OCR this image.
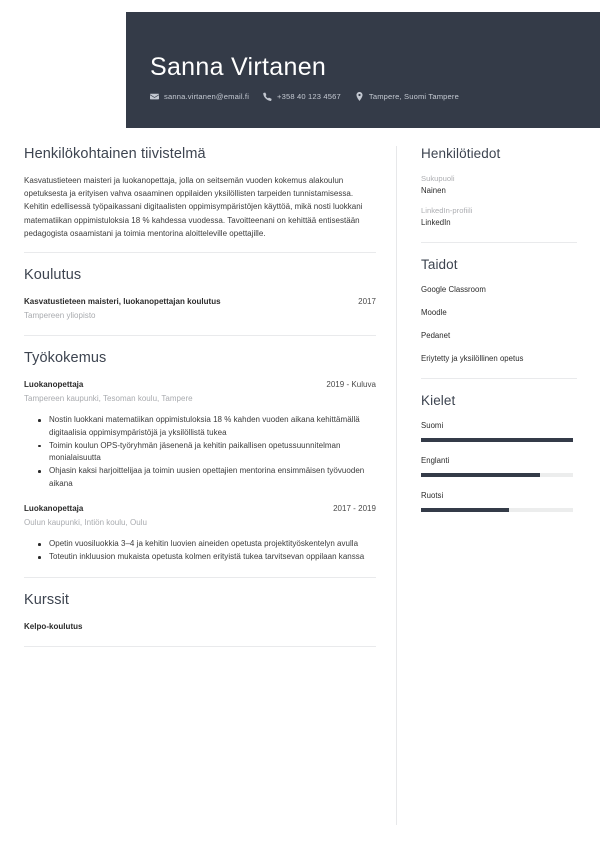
Sanna Virtanen
sanna.virtanen@email.fi	+358 40 123 4567	Tampere, Suomi Tampere
Henkilökohtainen tiivistelmä

Kasvatustieteen maisteri ja luokanopettaja, jolla on seitsemän vuoden kokemus alakoulun opetuksesta ja erityisen vahva osaaminen oppilaiden yksilöllisten tarpeiden tunnistamisessa. Kehitin edellisessä työpaikassani digitaalisten oppimisympäristöjen käyttöä, mikä nosti luokkani matematiikan oppimistuloksia 18 % kahdessa vuodessa. Tavoitteenani on kehittää entisestään pedagogista osaamistani ja toimia mentorina aloitteleville opettajille.

Koulutus
Kasvatustieteen maisteri, luokanopettajan koulutus	2017
Tampereen yliopisto
Työkokemus
Luokanopettaja	2019 - Kuluva
Tampereen kaupunki, Tesoman koulu, Tampere
Nostin luokkani matematiikan oppimistuloksia 18 % kahden vuoden aikana kehittämällä digitaalisia oppimisympäristöjä ja yksilöllistä tukea
Toimin koulun OPS-työryhmän jäsenenä ja kehitin paikallisen opetussuunnitelman monialaisuutta
Ohjasin kaksi harjoittelijaa ja toimin uusien opettajien mentorina ensimmäisen työvuoden aikana
Luokanopettaja	2017 - 2019
Oulun kaupunki, Intiön koulu, Oulu
Opetin vuosiluokkia 3–4 ja kehitin luovien aineiden opetusta projektityöskentelyn avulla
Toteutin inkluusion mukaista opetusta kolmen erityistä tukea tarvitsevan oppilaan kanssa
Kurssit
Kelpo-koulutus
Henkilötiedot
Sukupuoli
Nainen
LinkedIn-profiili
LinkedIn
Taidot
Google Classroom
Moodle
Pedanet
Eriytetty ja yksilöllinen opetus
Kielet
Suomi
Englanti
Ruotsi
